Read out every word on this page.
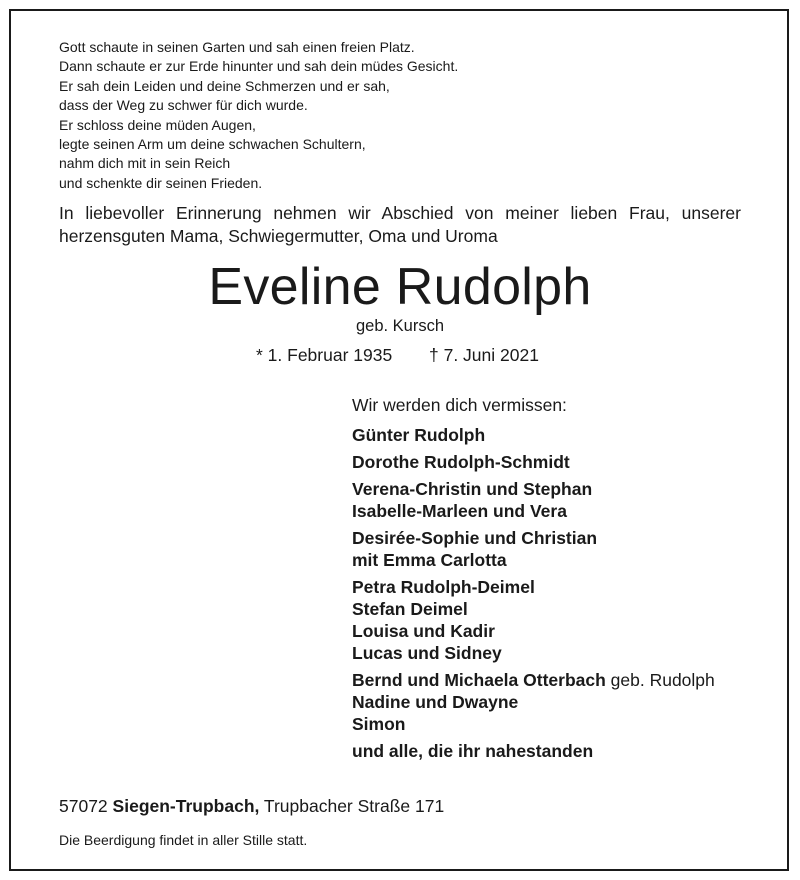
Gott schaute in seinen Garten und sah einen freien Platz.
Dann schaute er zur Erde hinunter und sah dein müdes Gesicht.
Er sah dein Leiden und deine Schmerzen und er sah,
dass der Weg zu schwer für dich wurde.
Er schloss deine müden Augen,
legte seinen Arm um deine schwachen Schultern,
nahm dich mit in sein Reich
und schenkte dir seinen Frieden.
In liebevoller Erinnerung nehmen wir Abschied von meiner lieben Frau, unserer herzensguten Mama, Schwiegermutter, Oma und Uroma
Eveline Rudolph
geb. Kursch
* 1. Februar 1935 † 7. Juni 2021
Wir werden dich vermissen:
Günter Rudolph
Dorothe Rudolph-Schmidt
Verena-Christin und Stephan
Isabelle-Marleen und Vera
Desirée-Sophie und Christian
mit Emma Carlotta
Petra Rudolph-Deimel
Stefan Deimel
Louisa und Kadir
Lucas und Sidney
Bernd und Michaela Otterbach geb. Rudolph
Nadine und Dwayne
Simon
und alle, die ihr nahestanden
57072 Siegen-Trupbach, Trupbacher Straße 171
Die Beerdigung findet in aller Stille statt.
